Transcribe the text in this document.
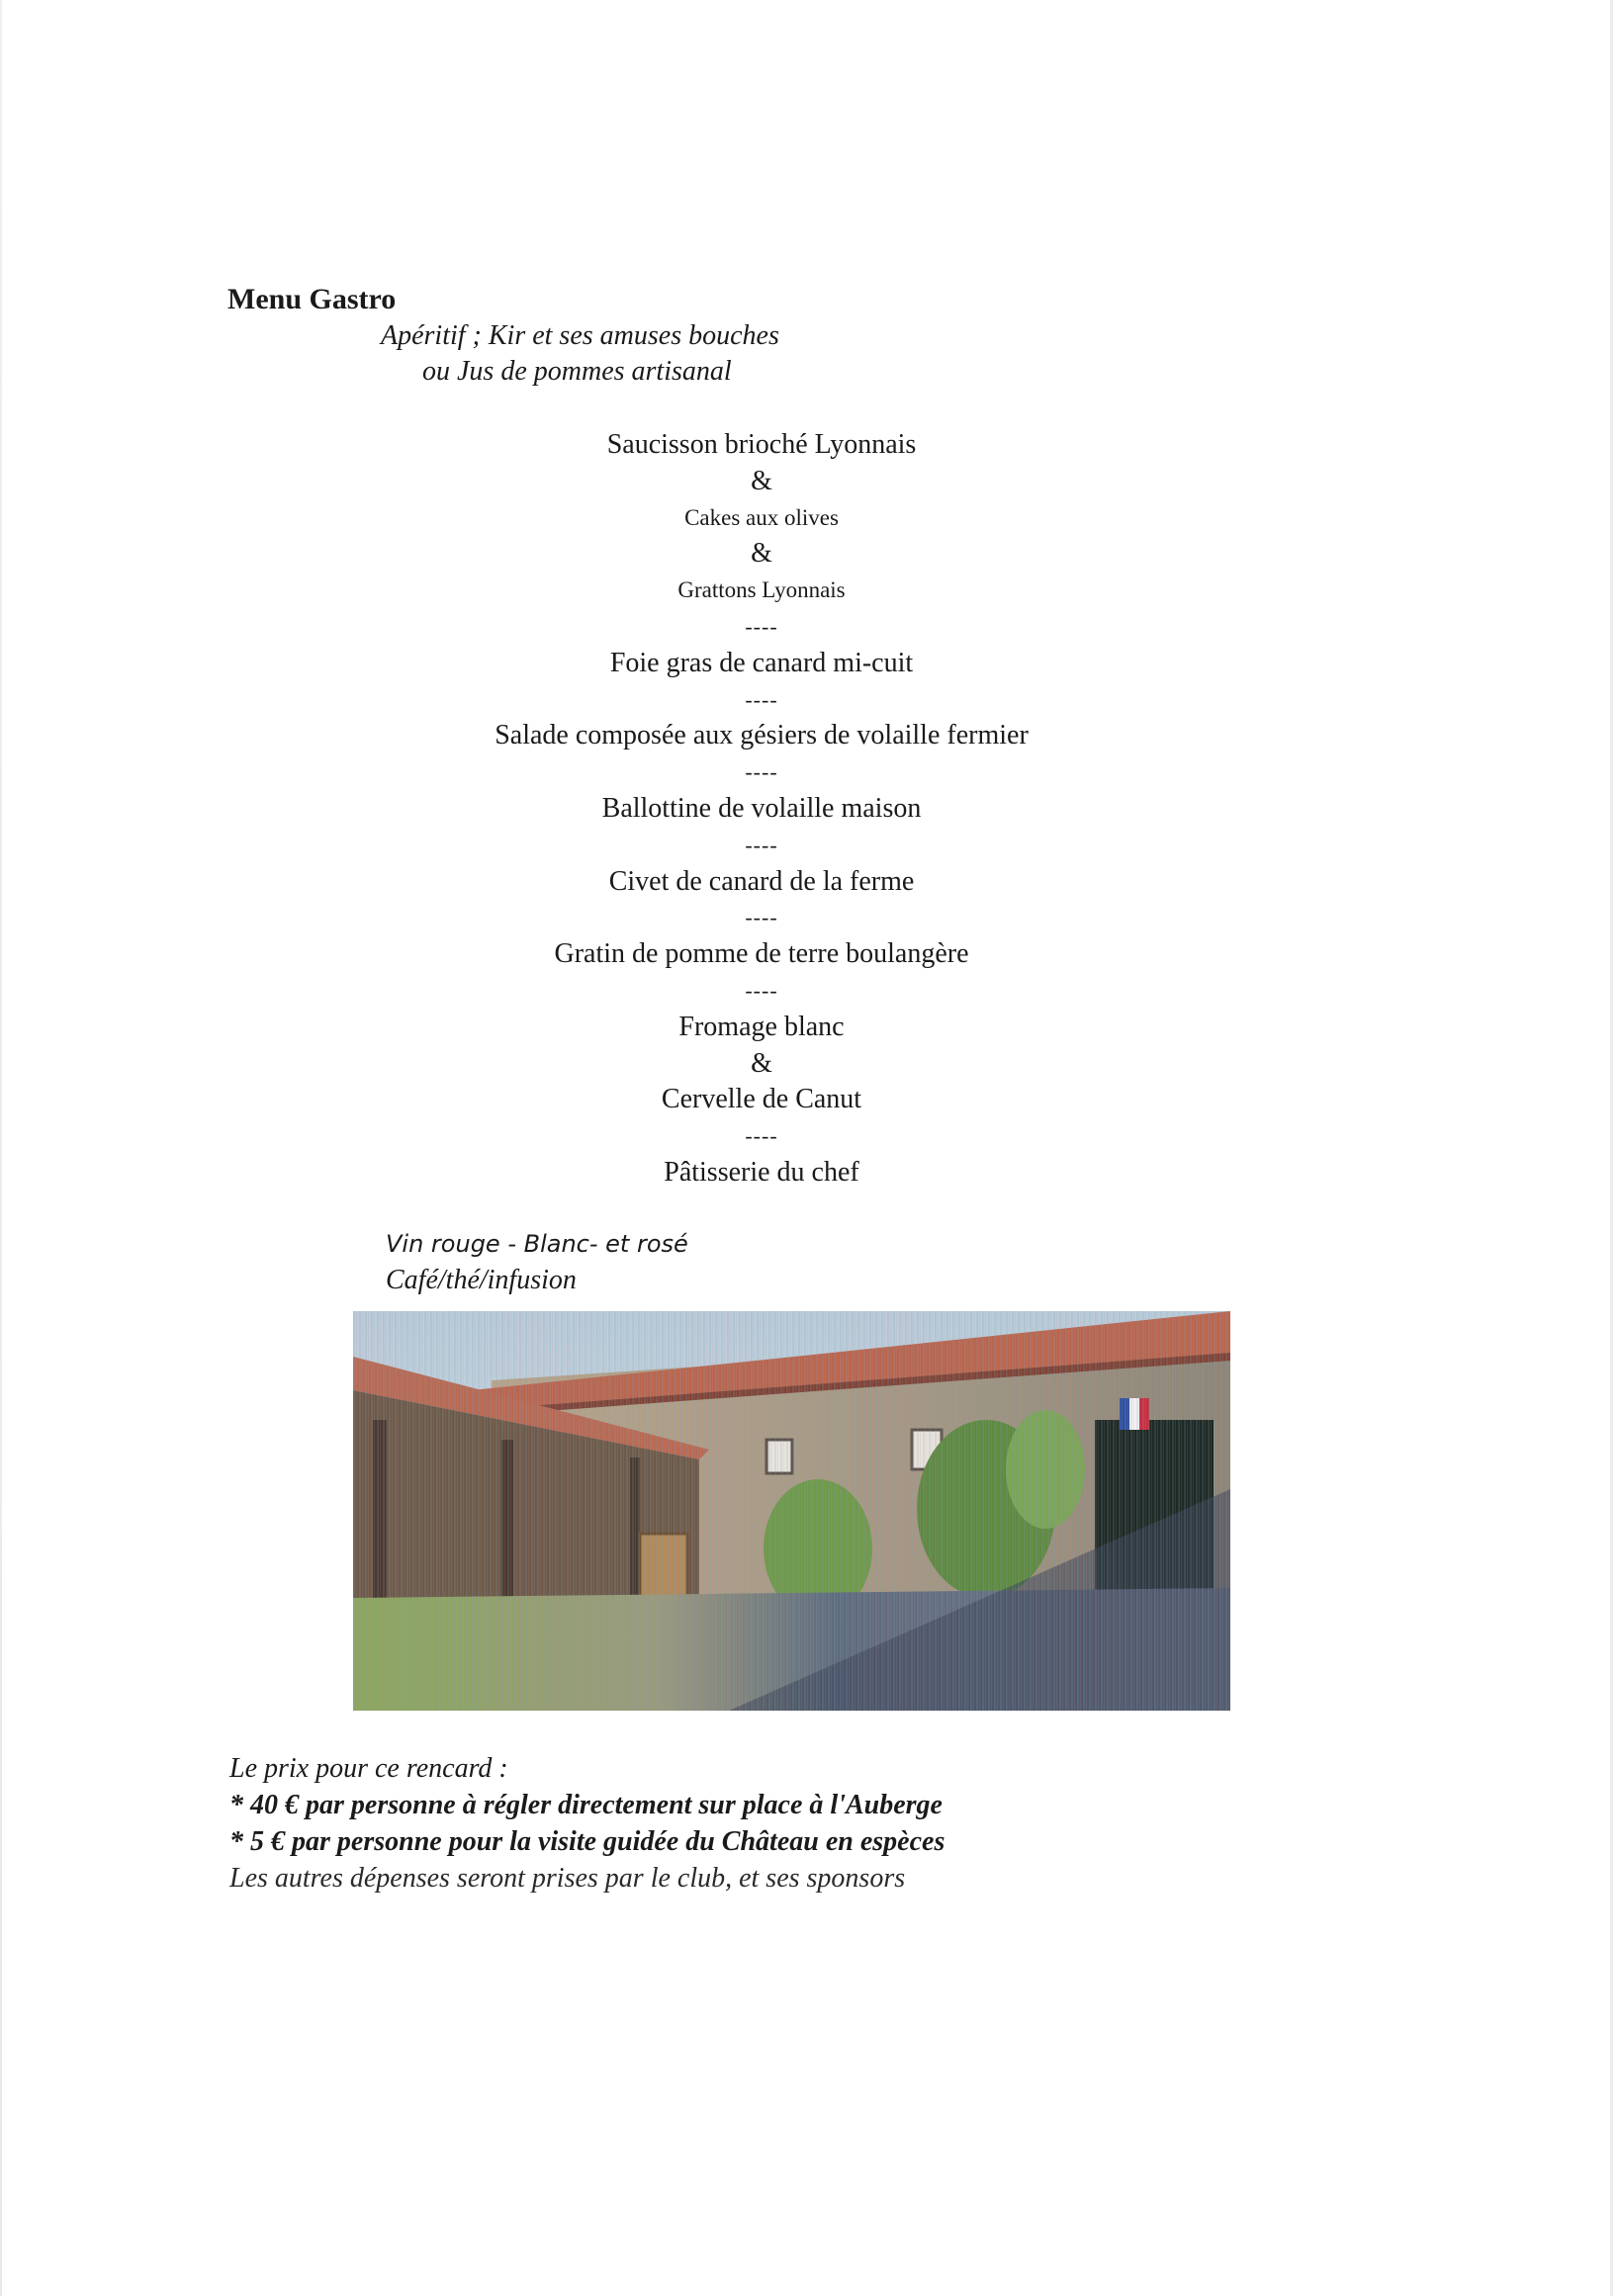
Menu Gastro
Apéritif ; Kir et ses amuses bouches
ou Jus de pommes artisanal
Saucisson brioché Lyonnais
&
Cakes aux olives
&
Grattons Lyonnais
----
Foie gras de canard mi-cuit
----
Salade composée aux gésiers de volaille fermier
----
Ballottine de volaille maison
----
Civet de canard de la ferme
----
Gratin de pomme de terre boulangère
----
Fromage blanc
&
Cervelle de Canut
----
Pâtisserie du chef
Vin rouge - Blanc- et rosé
Café/thé/infusion
Le prix pour ce rencard :
* 40 € par personne à régler directement sur place à l'Auberge
* 5 € par personne pour la visite guidée du Château en espèces
Les autres dépenses seront prises par le club, et ses sponsors
